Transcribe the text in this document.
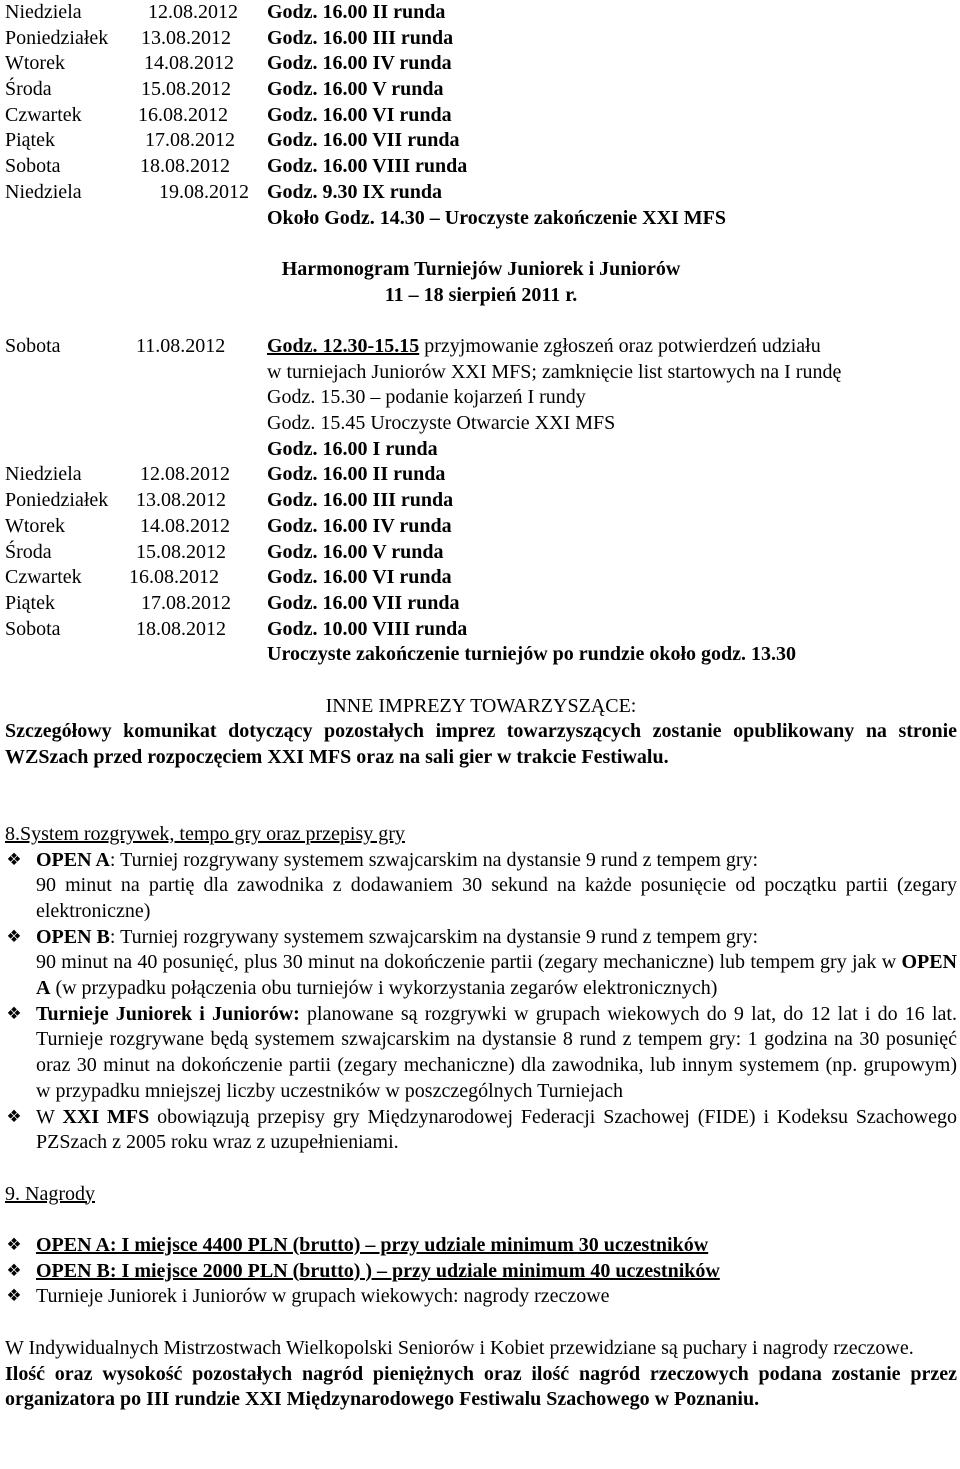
Niedziela	12.08.2012 Godz. 16.00 II runda
Poniedziałek 13.08.2012 Godz. 16.00 III runda
Wtorek	14.08.2012 Godz. 16.00 IV runda
Środa	15.08.2012 Godz. 16.00 V runda
Czwartek	16.08.2012 Godz. 16.00 VI runda
Piątek	17.08.2012 Godz. 16.00 VII runda
Sobota	18.08.2012 Godz. 16.00 VIII runda
Niedziela	19.08.2012 Godz. 9.30 IX runda
Około Godz. 14.30 – Uroczyste zakończenie XXI MFS
Harmonogram Turniejów Juniorek i Juniorów
11 – 18 sierpień 2011 r.
Sobota	11.08.2012 Godz. 12.30-15.15 przyjmowanie zgłoszeń oraz potwierdzeń udziału
w turniejach Juniorów XXI MFS; zamknięcie list startowych na I rundę
Godz. 15.30 – podanie kojarzeń I rundy
Godz. 15.45 Uroczyste Otwarcie XXI MFS
Godz. 16.00 I runda
Niedziela	12.08.2012 Godz. 16.00 II runda
Poniedziałek 13.08.2012 Godz. 16.00 III runda
Wtorek	14.08.2012 Godz. 16.00 IV runda
Środa	15.08.2012 Godz. 16.00 V runda
Czwartek 16.08.2012 Godz. 16.00 VI runda
Piątek	17.08.2012 Godz. 16.00 VII runda
Sobota	18.08.2012 Godz. 10.00 VIII runda
Uroczyste zakończenie turniejów po rundzie około godz. 13.30
INNE IMPREZY TOWARZYSZĄCE:
Szczegółowy komunikat dotyczący pozostałych imprez towarzyszących zostanie opublikowany na stronie WZSzach przed rozpoczęciem XXI MFS oraz na sali gier w trakcie Festiwalu.
8.System rozgrywek, tempo gry oraz przepisy gry
❖ OPEN A: Turniej rozgrywany systemem szwajcarskim na dystansie 9 rund z tempem gry:
90 minut na partię dla zawodnika z dodawaniem 30 sekund na każde posunięcie od początku partii (zegary elektroniczne)
❖ OPEN B: Turniej rozgrywany systemem szwajcarskim na dystansie 9 rund z tempem gry:
90 minut na 40 posunięć, plus 30 minut na dokończenie partii (zegary mechaniczne) lub tempem gry jak w OPEN A (w przypadku połączenia obu turniejów i wykorzystania zegarów elektronicznych)
❖ Turnieje Juniorek i Juniorów: planowane są rozgrywki w grupach wiekowych do 9 lat, do 12 lat i do 16 lat. Turnieje rozgrywane będą systemem szwajcarskim na dystansie 8 rund z tempem gry: 1 godzina na 30 posunięć oraz 30 minut na dokończenie partii (zegary mechaniczne) dla zawodnika, lub innym systemem (np. grupowym) w przypadku mniejszej liczby uczestników w poszczególnych Turniejach
❖ W XXI MFS obowiązują przepisy gry Międzynarodowej Federacji Szachowej (FIDE) i Kodeksu Szachowego PZSzach z 2005 roku wraz z uzupełnieniami.
9. Nagrody
❖ OPEN A: I miejsce 4400 PLN (brutto) – przy udziale minimum 30 uczestników
❖ OPEN B: I miejsce 2000 PLN (brutto) ) – przy udziale minimum 40 uczestników
❖ Turnieje Juniorek i Juniorów w grupach wiekowych: nagrody rzeczowe
W Indywidualnych Mistrzostwach Wielkopolski Seniorów i Kobiet przewidziane są puchary i nagrody rzeczowe.
Ilość oraz wysokość pozostałych nagród pieniężnych oraz ilość nagród rzeczowych podana zostanie przez organizatora po III rundzie XXI Międzynarodowego Festiwalu Szachowego w Poznaniu.
